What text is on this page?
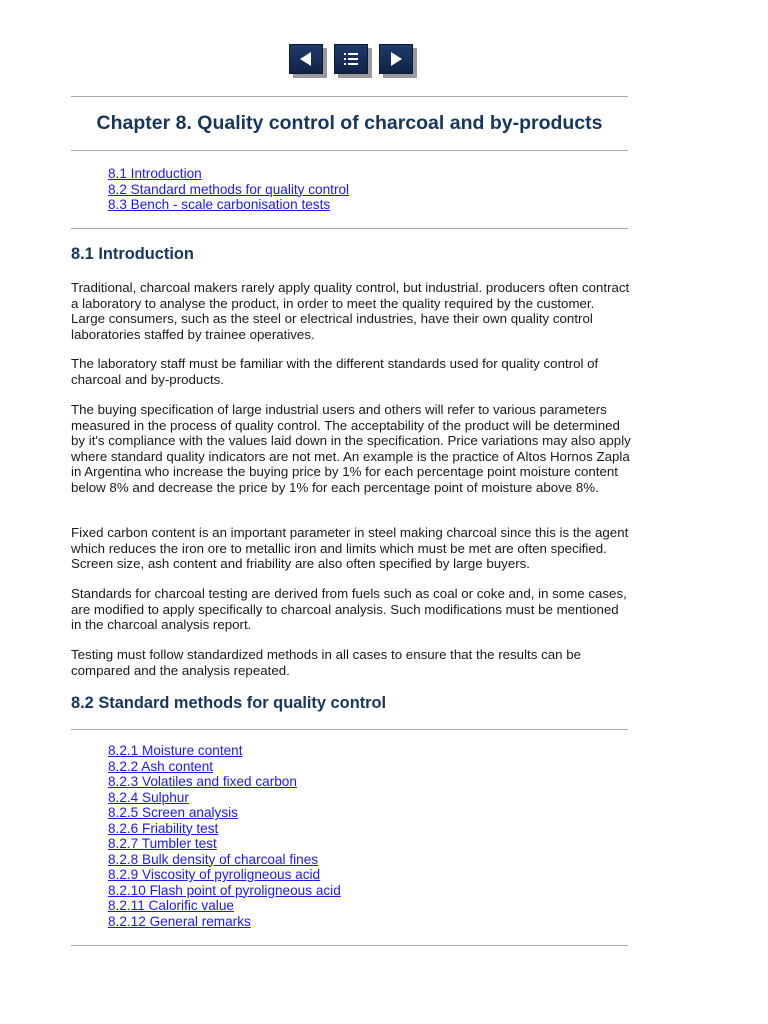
Chapter 8. Quality control of charcoal and by-products
8.1 Introduction
8.2 Standard methods for quality control
8.3 Bench - scale carbonisation tests
8.1 Introduction

Traditional, charcoal makers rarely apply quality control, but industrial. producers often contract a laboratory to analyse the product, in order to meet the quality required by the customer. Large consumers, such as the steel or electrical industries, have their own quality control laboratories staffed by trainee operatives.

The laboratory staff must be familiar with the different standards used for quality control of charcoal and by-products.

The buying specification of large industrial users and others will refer to various parameters measured in the process of quality control. The acceptability of the product will be determined by it's compliance with the values laid down in the specification. Price variations may also apply where standard quality indicators are not met. An example is the practice of Altos Hornos Zapla in Argentina who increase the buying price by 1% for each percentage point moisture content below 8% and decrease the price by 1% for each percentage point of moisture above 8%.

Fixed carbon content is an important parameter in steel making charcoal since this is the agent which reduces the iron ore to metallic iron and limits which must be met are often specified. Screen size, ash content and friability are also often specified by large buyers.

Standards for charcoal testing are derived from fuels such as coal or coke and, in some cases, are modified to apply specifically to charcoal analysis. Such modifications must be mentioned in the charcoal analysis report.

Testing must follow standardized methods in all cases to ensure that the results can be compared and the analysis repeated.

8.2 Standard methods for quality control
8.2.1 Moisture content
8.2.2 Ash content
8.2.3 Volatiles and fixed carbon
8.2.4 Sulphur
8.2.5 Screen analysis
8.2.6 Friability test
8.2.7 Tumbler test
8.2.8 Bulk density of charcoal fines
8.2.9 Viscosity of pyroligneous acid
8.2.10 Flash point of pyroligneous acid
8.2.11 Calorific value
8.2.12 General remarks
